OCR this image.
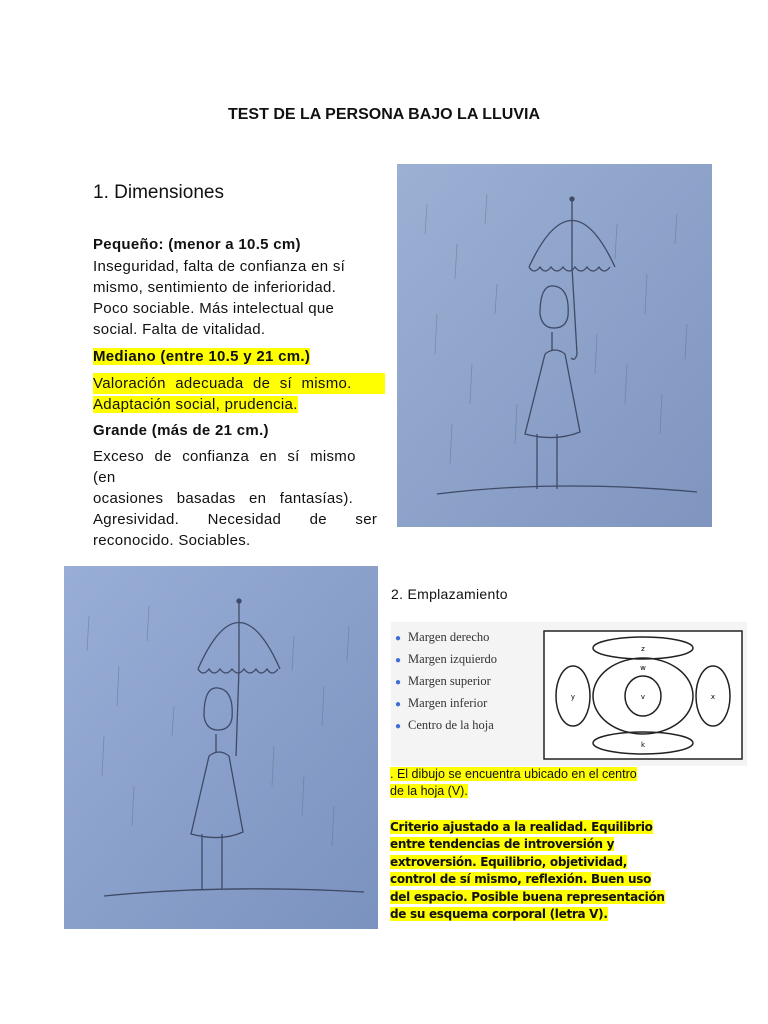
TEST DE LA PERSONA BAJO LA LLUVIA
1. Dimensiones
Pequeño: (menor a 10.5 cm)
Inseguridad, falta de confianza en sí
mismo, sentimiento de inferioridad.
Poco sociable. Más intelectual que
social. Falta de vitalidad.
Mediano (entre 10.5 y 21 cm.)
Valoración adecuada de sí mismo.
Adaptación social, prudencia.
Grande (más de 21 cm.)
Exceso de confianza en sí mismo (en
ocasiones basadas en fantasías).
Agresividad. Necesidad de ser
reconocido. Sociables.
2. Emplazamiento
● Margen derecho
● Margen izquierdo
● Margen superior
● Margen inferior
● Centro de la hoja
z
k
y	x
w
v
. El dibujo se encuentra ubicado en el centro
de la hoja (V).
Criterio ajustado a la realidad. Equilibrio
entre tendencias de introversión y
extroversión. Equilibrio, objetividad,
control de sí mismo, reflexión. Buen uso
del espacio. Posible buena representación
de su esquema corporal (letra V).
